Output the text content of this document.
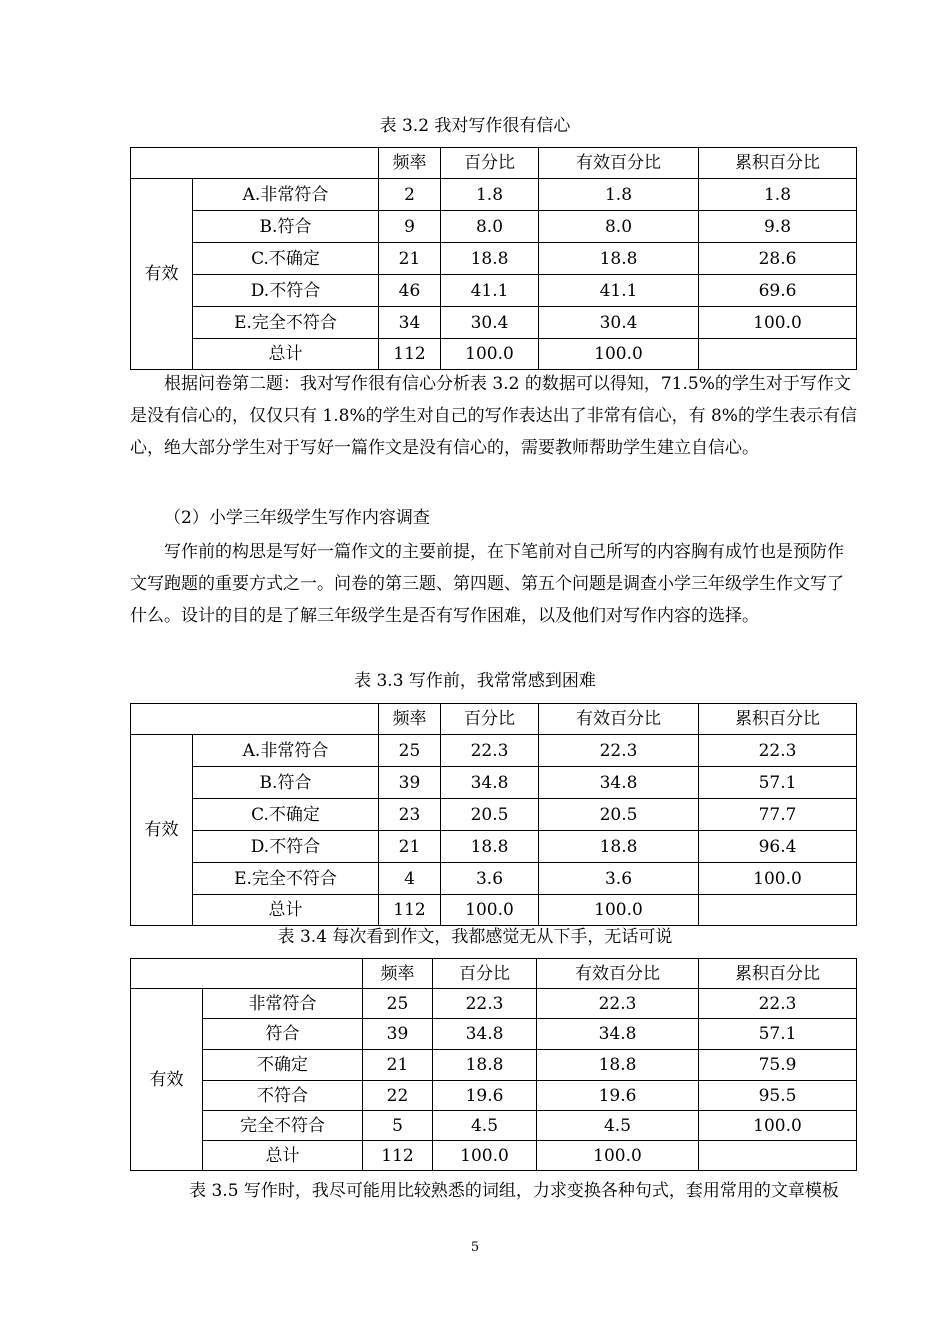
表 3.2 我对写作很有信心
		频率	百分比	有效百分比	累积百分比
有效	A.非常符合	2	1.8	1.8	1.8
	B.符合	9	8.0	8.0	9.8
	C.不确定	21	18.8	18.8	28.6
	D.不符合	46	41.1	41.1	69.6
	E.完全不符合	34	30.4	30.4	100.0
	总计	112	100.0	100.0	

根据问卷第二题：我对写作很有信心分析表 3.2 的数据可以得知，71.5%的学生对于写作文是没有信心的，仅仅只有 1.8%的学生对自己的写作表达出了非常有信心，有 8%的学生表示有信心，绝大部分学生对于写好一篇作文是没有信心的，需要教师帮助学生建立自信心。

（2）小学三年级学生写作内容调查

写作前的构思是写好一篇作文的主要前提，在下笔前对自己所写的内容胸有成竹也是预防作文写跑题的重要方式之一。问卷的第三题、第四题、第五个问题是调查小学三年级学生作文写了什么。设计的目的是了解三年级学生是否有写作困难，以及他们对写作内容的选择。

表 3.3 写作前，我常常感到困难
		频率	百分比	有效百分比	累积百分比
有效	A.非常符合	25	22.3	22.3	22.3
	B.符合	39	34.8	34.8	57.1
	C.不确定	23	20.5	20.5	77.7
	D.不符合	21	18.8	18.8	96.4
	E.完全不符合	4	3.6	3.6	100.0
	总计	112	100.0	100.0	
表 3.4 每次看到作文，我都感觉无从下手，无话可说
		频率	百分比	有效百分比	累积百分比
有效	非常符合	25	22.3	22.3	22.3
	符合	39	34.8	34.8	57.1
	不确定	21	18.8	18.8	75.9
	不符合	22	19.6	19.6	95.5
	完全不符合	5	4.5	4.5	100.0
	总计	112	100.0	100.0	

表 3.5 写作时，我尽可能用比较熟悉的词组，力求变换各种句式，套用常用的文章模板

5
